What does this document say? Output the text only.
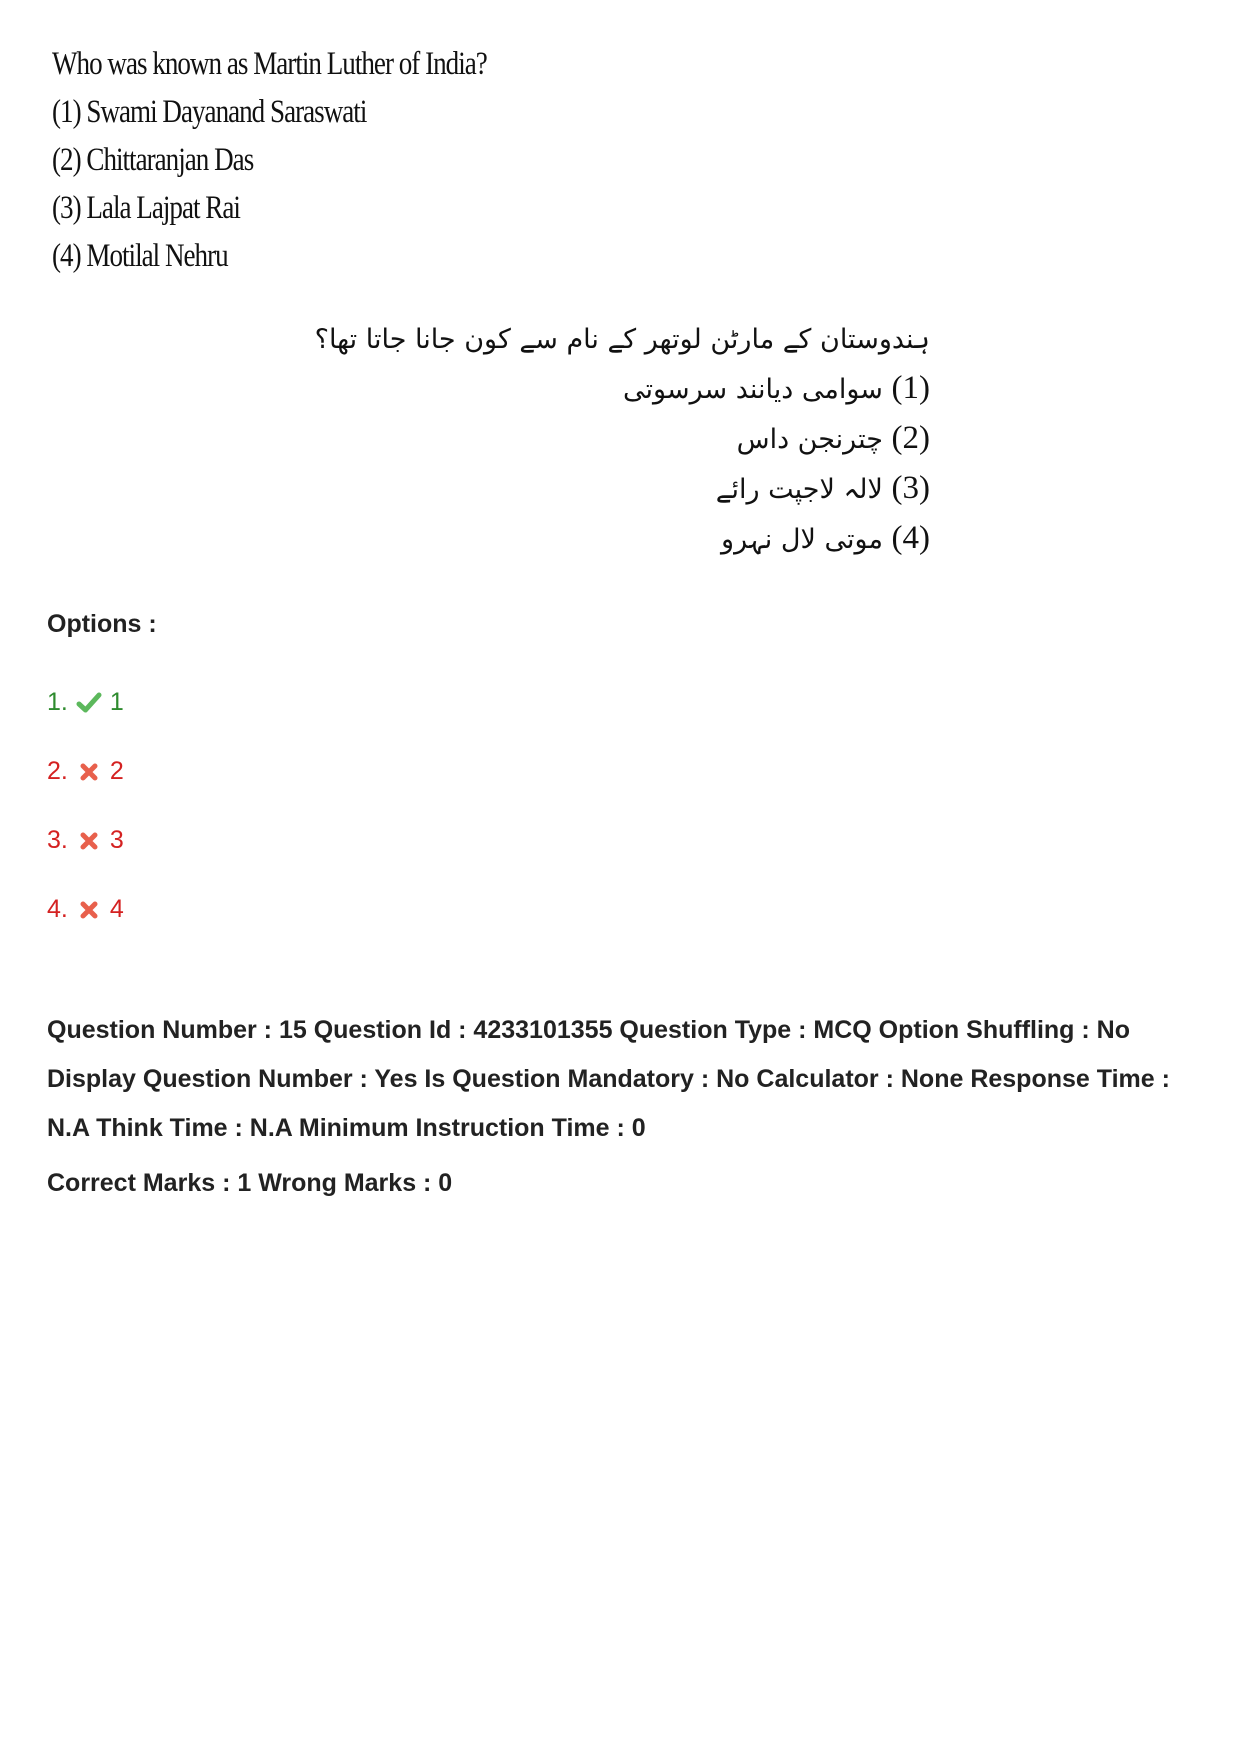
Who was known as Martin Luther of India?
(1) Swami Dayanand Saraswati
(2) Chittaranjan Das
(3) Lala Lajpat Rai
(4) Motilal Nehru
ہندوستان کے مارٹن لوتھر کے نام سے کون جانا جاتا تھا؟
(1) سوامی دیانند سرسوتی
(2) چترنجن داس
(3) لالہ لاجپت رائے
(4) موتی لال نہرو
Options :
1. 1
2. 2
3. 3
4. 4
Question Number : 15 Question Id : 4233101355 Question Type : MCQ Option Shuffling : No Display Question Number : Yes Is Question Mandatory : No Calculator : None Response Time : N.A Think Time : N.A Minimum Instruction Time : 0
Correct Marks : 1 Wrong Marks : 0
